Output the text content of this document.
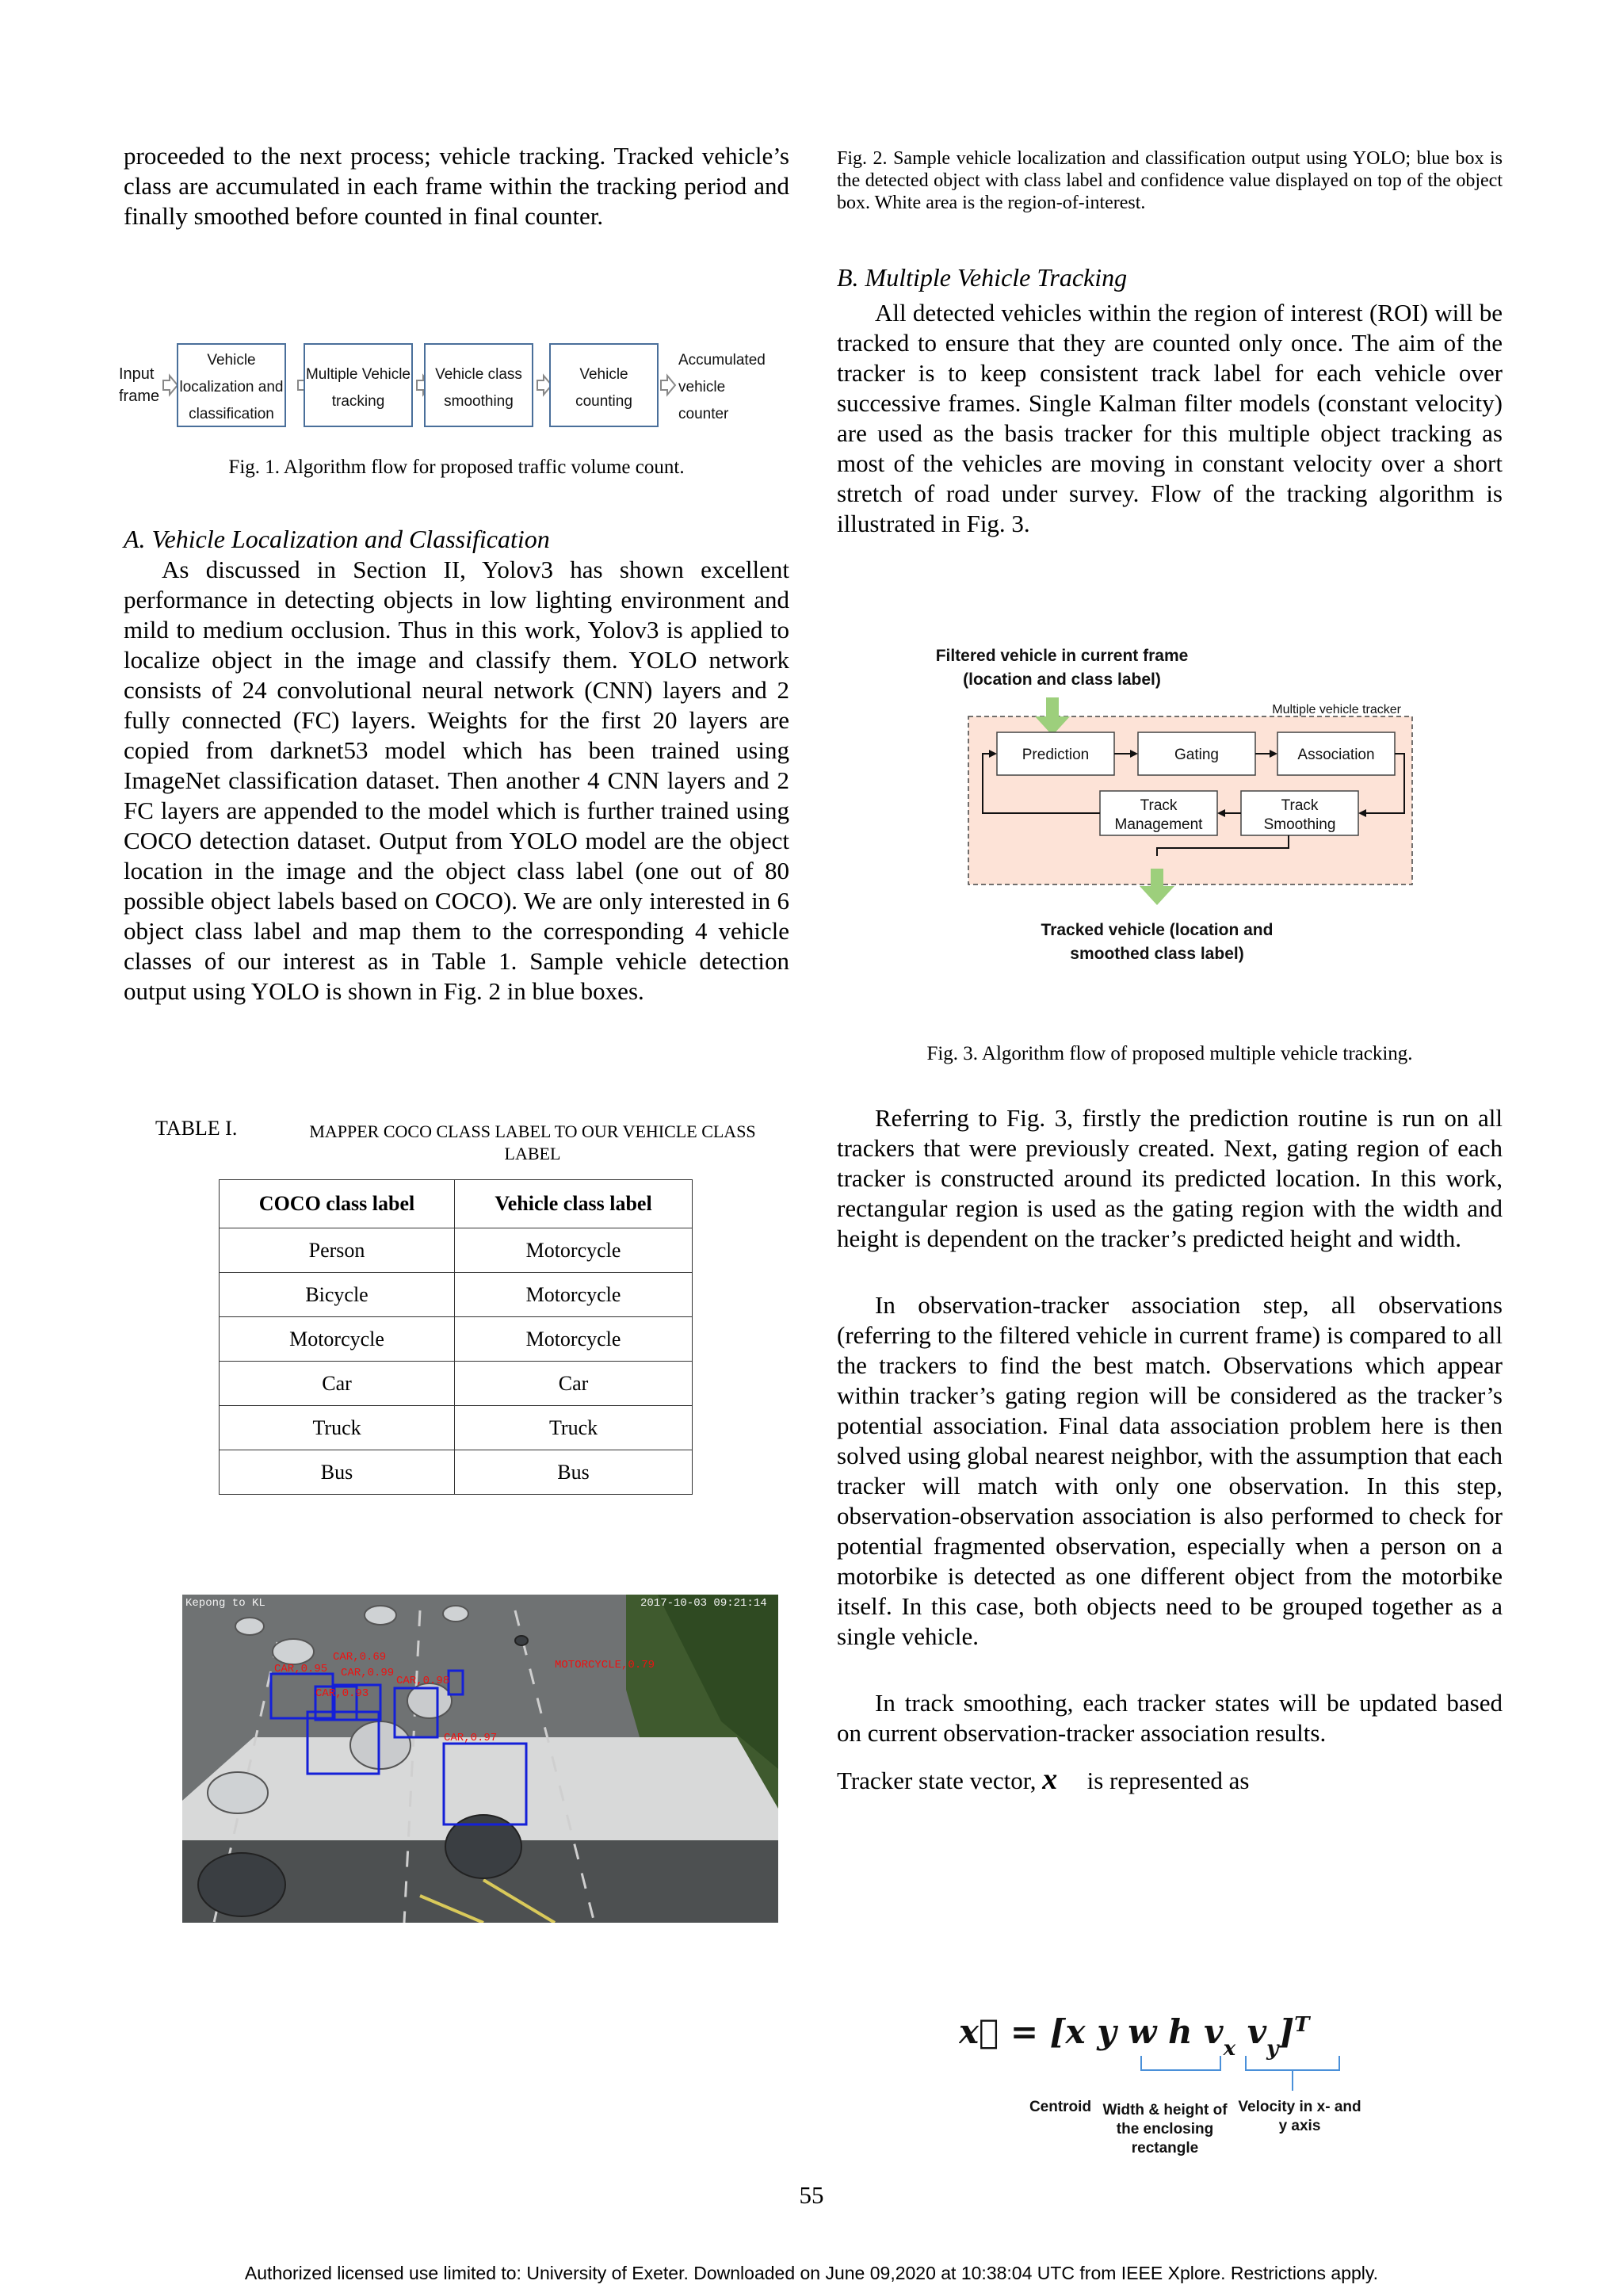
proceeded to the next process; vehicle tracking. Tracked vehicle’s class are accumulated in each frame within the tracking period and finally smoothed before counted in final counter.

Input
frame
Vehicle
localization and
classification
Multiple Vehicle
tracking
Vehicle class
smoothing
Vehicle
counting
Accumulated
vehicle
counter
Fig. 1. Algorithm flow for proposed traffic volume count.

A. Vehicle Localization and Classification

As discussed in Section II, Yolov3 has shown excellent performance in detecting objects in low lighting environment and mild to medium occlusion. Thus in this work, Yolov3 is applied to localize object in the image and classify them. YOLO network consists of 24 convolutional neural network (CNN) layers and 2 fully connected (FC) layers. Weights for the first 20 layers are copied from darknet53 model which has been trained using ImageNet classification dataset. Then another 4 CNN layers and 2 FC layers are appended to the model which is further trained using COCO detection dataset. Output from YOLO model are the object location in the image and the object class label (one out of 80 possible object labels based on COCO). We are only interested in 6 object class label and map them to the corresponding 4 vehicle classes of our interest as in Table 1. Sample vehicle detection output using YOLO is shown in Fig. 2 in blue boxes.

TABLE I.	MAPPER COCO CLASS LABEL TO OUR VEHICLE CLASS LABEL
COCO class label	Vehicle class label
Person	Motorcycle
Bicycle	Motorcycle
Motorcycle	Motorcycle
Car	Car
Truck	Truck
Bus	Bus
CAR,0.95
CAR,0.69
CAR,0.99
CAR,0.98
CAR,0.93
MOTORCYCLE,0.79
CAR,0.97
Kepong to KL	2017-10-03 09:21:14
Fig. 2. Sample vehicle localization and classification output using YOLO; blue box is the detected object with class label and confidence value displayed on top of the object box. White area is the region-of-interest.

B. Multiple Vehicle Tracking

All detected vehicles within the region of interest (ROI) will be tracked to ensure that they are counted only once. The aim of the tracker is to keep consistent track label for each vehicle over successive frames. Single Kalman filter models (constant velocity) are used as the basis tracker for this multiple object tracking as most of the vehicles are moving in constant velocity over a short stretch of road under survey. Flow of the tracking algorithm is illustrated in Fig. 3.

Filtered vehicle in current frame
(location and class label)
Multiple vehicle tracker
Prediction	Gating	Association
Track
Management
Track
Smoothing
Tracked vehicle (location and
smoothed class label)
Fig. 3. Algorithm flow of proposed multiple vehicle tracking.

Referring to Fig. 3, firstly the prediction routine is run on all trackers that were previously created. Next, gating region of each tracker is constructed around its predicted location. In this work, rectangular region is used as the gating region with the width and height is dependent on the tracker’s predicted height and width.

In observation-tracker association step, all observations (referring to the filtered vehicle in current frame) is compared to all the trackers to find the best match. Observations which appear within tracker’s gating region will be considered as the tracker’s potential association. Final data association problem here is then solved using global nearest neighbor, with the assumption that each tracker will match with only one observation. In this step, observation-observation association is also performed to check for potential fragmented observation, especially when a person on a motorbike is detected as one different object from the motorbike itself. In this case, both objects need to be grouped together as a single vehicle.

In track smoothing, each tracker states will be updated based on current observation-tracker association results.

Tracker state vector, x⃗ is represented as

x⃗ = [x y w h $v_x$ $v_y]^T$
Centroid Width & height of
the enclosing
rectangle
Velocity in x- and
y axis
55
Authorized licensed use limited to: University of Exeter. Downloaded on June 09,2020 at 10:38:04 UTC from IEEE Xplore. Restrictions apply.
